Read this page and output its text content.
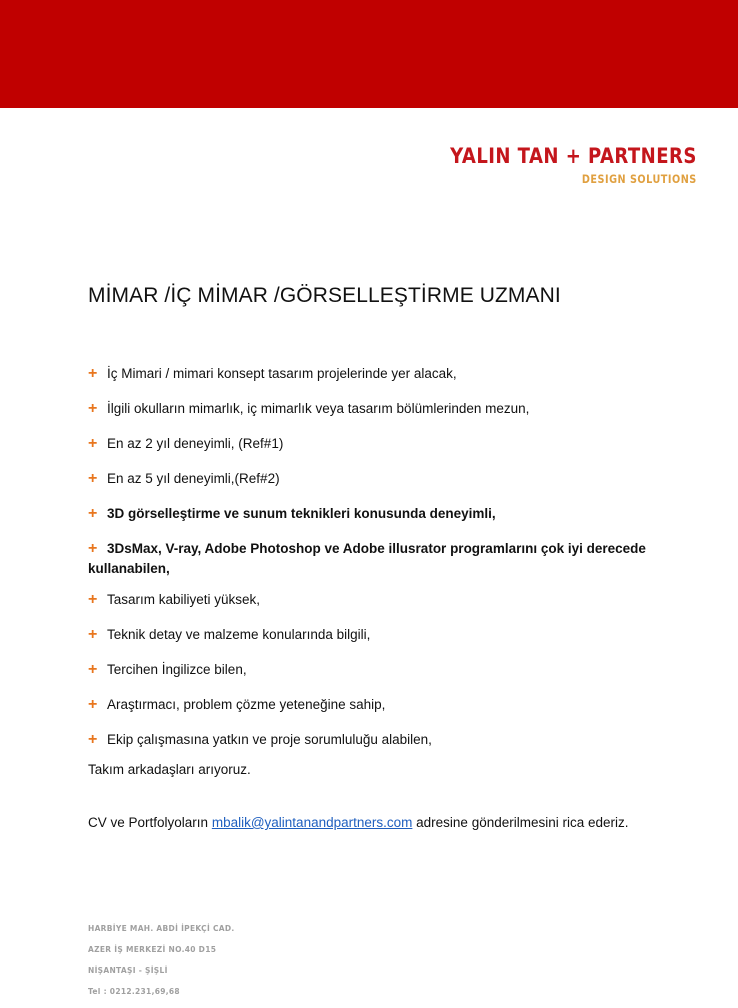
YALIN TAN + PARTNERS
DESIGN SOLUTIONS
MİMAR /İÇ MİMAR /GÖRSELLEŞTİRME UZMANI
+ İç Mimari / mimari konsept tasarım projelerinde yer alacak,
+ İlgili okulların mimarlık, iç mimarlık veya tasarım bölümlerinden mezun,
+ En az 2 yıl deneyimli, (Ref#1)
+ En az 5 yıl deneyimli,(Ref#2)
+ 3D görselleştirme ve sunum teknikleri konusunda deneyimli,
+ 3DsMax, V-ray, Adobe Photoshop ve Adobe illusrator programlarını çok iyi derecede kullanabilen,
+ Tasarım kabiliyeti yüksek,
+ Teknik detay ve malzeme konularında bilgili,
+ Tercihen İngilizce bilen,
+ Araştırmacı, problem çözme yeteneğine sahip,
+ Ekip çalışmasına yatkın ve proje sorumluluğu alabilen,

Takım arkadaşları arıyoruz.

CV ve Portfolyoların mbalik@yalintanandpartners.com adresine gönderilmesini rica ederiz.

HARBİYE MAH. ABDİ İPEKÇİ CAD.
AZER İŞ MERKEZİ NO.40 D15
NİŞANTAŞI - ŞİŞLİ
Tel : 0212.231,69,68
